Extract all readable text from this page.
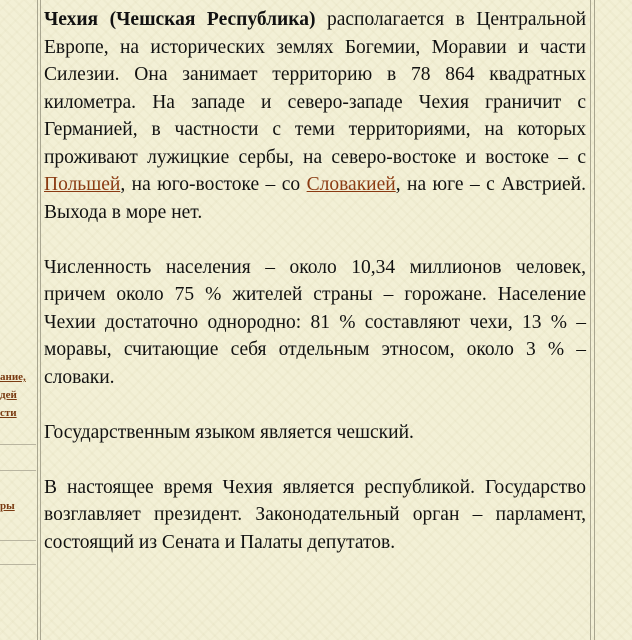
ание,
дей
сти
ры

Чехия (Чешская Республика) располагается в Центральной Европе, на исторических землях Богемии, Моравии и части Силезии. Она занимает территорию в 78 864 квадратных километра. На западе и северо-западе Чехия граничит с Германией, в частности с теми территориями, на которых проживают лужицкие сербы, на северо-востоке и востоке – с Польшей, на юго-востоке – со Словакией, на юге – с Австрией. Выхода в море нет.

Численность населения – около 10,34 миллионов человек, причем около 75 % жителей страны – горожане. Население Чехии достаточно однородно: 81 % составляют чехи, 13 % – моравы, считающие себя отдельным этносом, около 3 % – словаки.

Государственным языком является чешский.

В настоящее время Чехия является республикой. Государство возглавляет президент. Законодательный орган – парламент, состоящий из Сената и Палаты депутатов.
